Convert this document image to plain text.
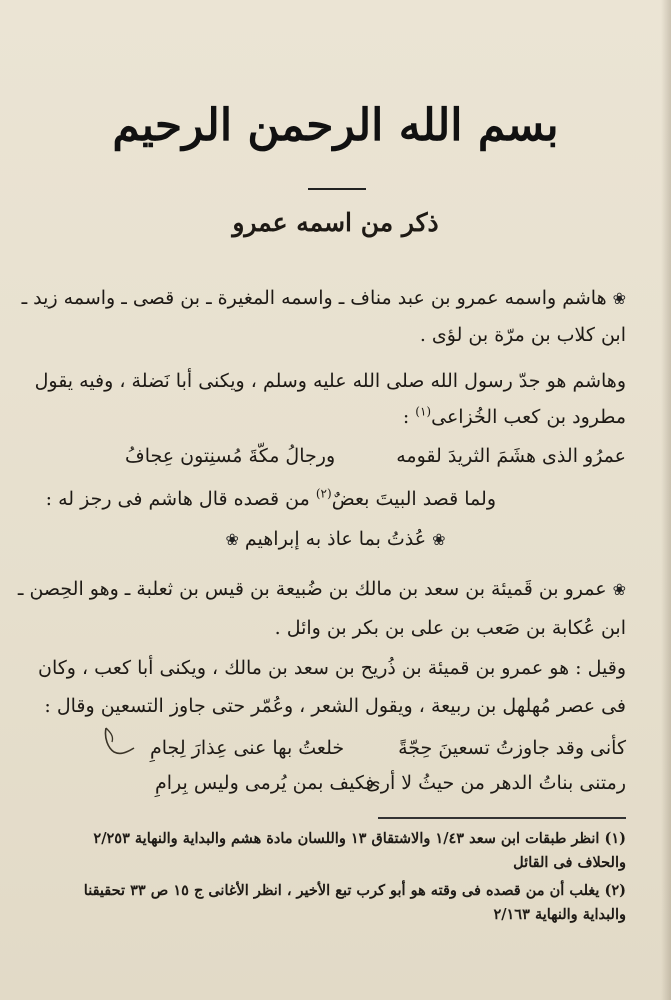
بسم الله الرحمن الرحيم
ذكر من اسمه عمرو
❀هاشم واسمه عمرو بن عبد مناف ـ واسمه المغيرة ـ بن قصى ـ واسمه زيد ـ
ابن كلاب بن مرّة بن لؤى .
وهاشم هو جدّ رسول الله صلى الله عليه وسلم ، ويكنى أبا نَضلة ، وفيه يقول
مطرود بن كعب الخُزاعى$^{(١)}$ :
عمرُو الذى هشَمَ الثريدَ لقومه
ورجالُ مكّةَ مُسنِتون عِجافُ
ولما قصد البيتَ بعضٌ$^{(٢)}$ من قصده قال هاشم فى رجز له :
❀عُذتُ بما عاذ به إبراهيم❀
❀عمرو بن قَميئة بن سعد بن مالك بن ضُبيعة بن قيس بن ثعلبة ـ وهو الحِصن ـ
ابن عُكابة بن صَعب بن على بن بكر بن وائل .
وقيل : هو عمرو بن قميئة بن ذُريح بن سعد بن مالك ، ويكنى أبا كعب ، وكان
فى عصر مُهلهل بن ربيعة ، ويقول الشعر ، وعُمّر حتى جاوز التسعين وقال :
كأنى وقد جاوزتُ تسعينَ حِجّةً
خلعتُ بها عنى عِذارَ لِجامِ
رمتنى بناتُ الدهر من حيثُ لا أرى
فكيف بمن يُرمى وليس بِرامِ
(١) انظر طبقات ابن سعد ١/٤٣ والاشتقاق ١٣ واللسان مادة هشم والبداية والنهاية ٢/٢٥٣
والحلاف فى القائل
(٢) يغلب أن من قصده فى وقته هو أبو كرب تبع الأخير ، انظر الأغانى ج ١٥ ص ٣٣ تحقيقنا
والبداية والنهاية ٢/١٦٣
